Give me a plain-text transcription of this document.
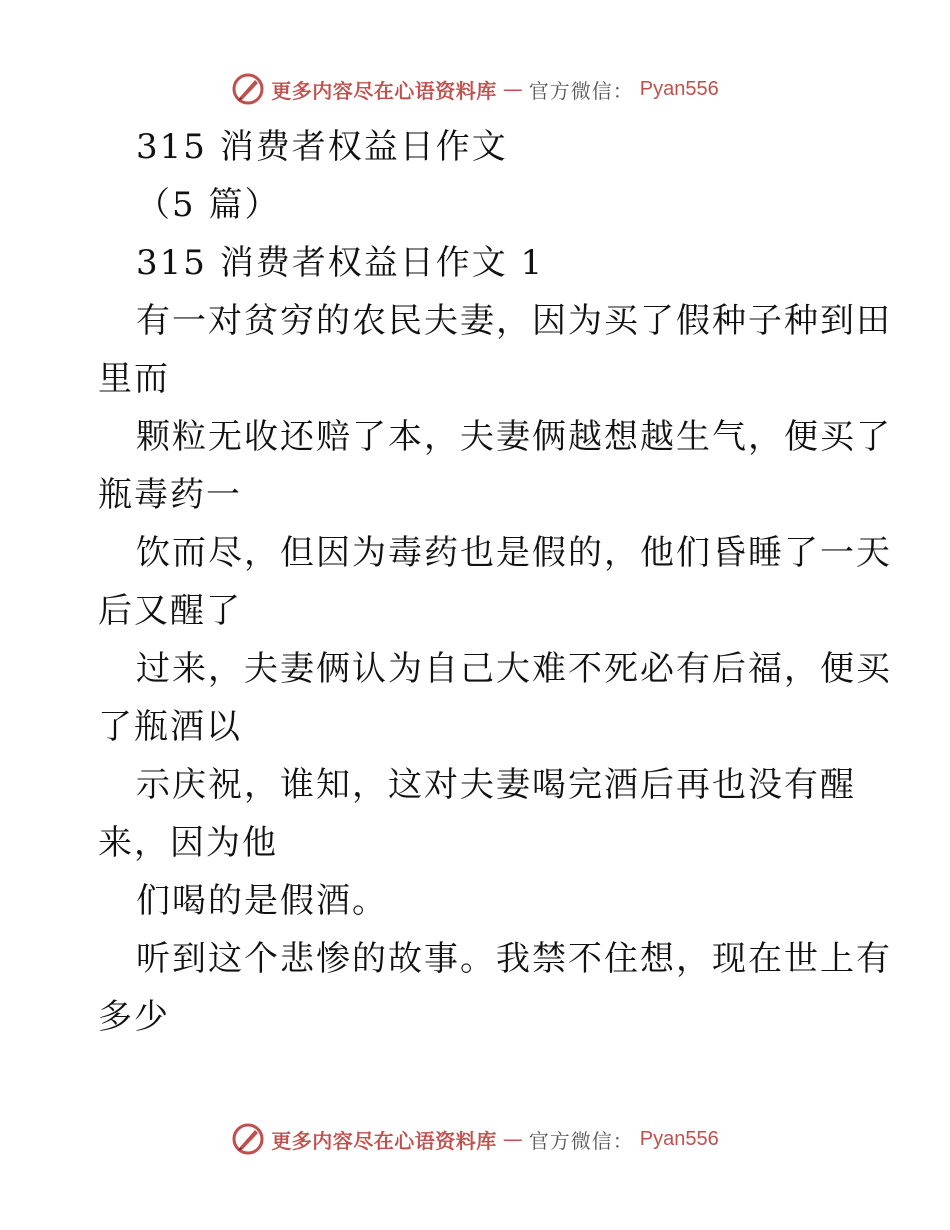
更多内容尽在心语资料库 — 官方微信： Pyan556
315 消费者权益日作文
（5 篇）
315 消费者权益日作文 1
有一对贫穷的农民夫妻，因为买了假种子种到田
里而
颗粒无收还赔了本，夫妻俩越想越生气，便买了
瓶毒药一
饮而尽，但因为毒药也是假的，他们昏睡了一天
后又醒了
过来，夫妻俩认为自己大难不死必有后福，便买
了瓶酒以
示庆祝，谁知，这对夫妻喝完酒后再也没有醒
来，因为他
们喝的是假酒。
听到这个悲惨的故事。我禁不住想，现在世上有
多少
更多内容尽在心语资料库 — 官方微信： Pyan556
